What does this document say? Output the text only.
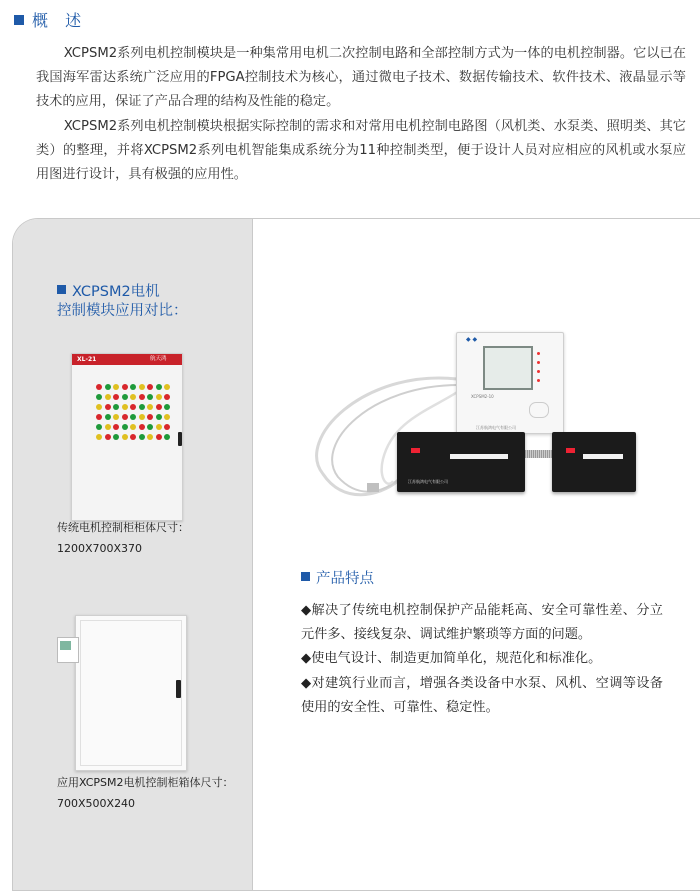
概 述

XCPSM2系列电机控制模块是一种集常用电机二次控制电路和全部控制方式为一体的电机控制器。它以已在我国海军雷达系统广泛应用的FPGA控制技术为核心，通过微电子技术、数据传输技术、软件技术、液晶显示等技术的应用，保证了产品合理的结构及性能的稳定。

XCPSM2系列电机控制模块根据实际控制的需求和对常用电机控制电路图（风机类、水泵类、照明类、其它类）的整理，并将XCPSM2系列电机智能集成系统分为11种控制类型，便于设计人员对应相应的风机或水泵应用图进行设计，具有极强的应用性。

XCPSM2电机
控制模块应用对比：
XL-21	航天鸿
传统电机控制柜柜体尺寸：
1200X700X370
应用XCPSM2电机控制柜箱体尺寸：
700X500X240
◆ ◆
XCPSM2-10
江苏航鸿电气有限公司
江苏航鸿电气有限公司
产品特点

◆解决了传统电机控制保护产品能耗高、安全可靠性差、分立元件多、接线复杂、调试维护繁琐等方面的问题。

◆使电气设计、制造更加简单化，规范化和标准化。

◆对建筑行业而言，增强各类设备中水泵、风机、空调等设备使用的安全性、可靠性、稳定性。
